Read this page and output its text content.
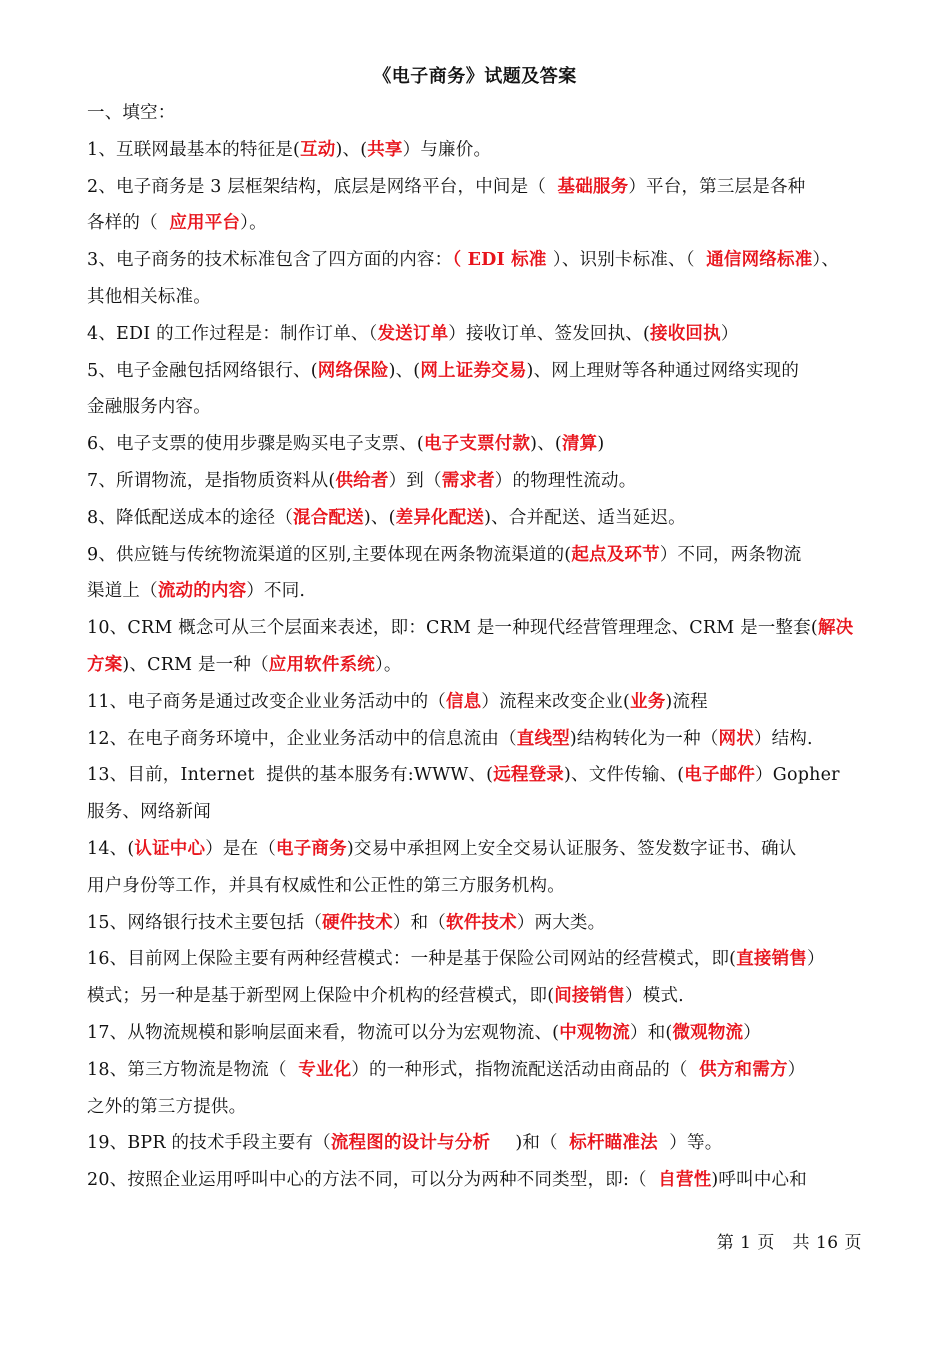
《电子商务》试题及答案
一、填空：
1、互联网最基本的特征是(互动)、(共享）与廉价。
2、电子商务是 3 层框架结构，底层是网络平台，中间是（  基础服务）平台，第三层是各种
各样的（  应用平台）。
3、电子商务的技术标准包含了四方面的内容：（ EDI 标准 ）、识别卡标准、（  通信网络标准）、
其他相关标准。
4、EDI 的工作过程是：制作订单、（发送订单）接收订单、签发回执、(接收回执）
5、电子金融包括网络银行、(网络保险)、(网上证券交易)、网上理财等各种通过网络实现的
金融服务内容。
6、电子支票的使用步骤是购买电子支票、(电子支票付款)、(清算)
7、所谓物流，是指物质资料从(供给者）到（需求者）的物理性流动。
8、降低配送成本的途径（混合配送)、(差异化配送)、合并配送、适当延迟。
9、供应链与传统物流渠道的区别,主要体现在两条物流渠道的(起点及环节）不同，两条物流
渠道上（流动的内容）不同.
10、CRM 概念可从三个层面来表述，即：CRM 是一种现代经营管理理念、CRM 是一整套(解决
方案)、CRM 是一种（应用软件系统）。
11、电子商务是通过改变企业业务活动中的（信息）流程来改变企业(业务)流程
12、在电子商务环境中，企业业务活动中的信息流由（直线型)结构转化为一种（网状）结构.
13、目前，Internet  提供的基本服务有:WWW、(远程登录)、文件传输、(电子邮件）Gopher
服务、网络新闻
14、(认证中心）是在（电子商务)交易中承担网上安全交易认证服务、签发数字证书、确认
用户身份等工作，并具有权威性和公正性的第三方服务机构。
15、网络银行技术主要包括（硬件技术）和（软件技术）两大类。
16、目前网上保险主要有两种经营模式：一种是基于保险公司网站的经营模式，即(直接销售）
模式；另一种是基于新型网上保险中介机构的经营模式，即(间接销售）模式.
17、从物流规模和影响层面来看，物流可以分为宏观物流、(中观物流）和(微观物流）
18、第三方物流是物流（  专业化）的一种形式，指物流配送活动由商品的（  供方和需方）
之外的第三方提供。
19、BPR 的技术手段主要有（流程图的设计与分析    )和（  标杆瞄准法  ）等。
20、按照企业运用呼叫中心的方法不同，可以分为两种不同类型，即:（  自营性)呼叫中心和
第 1 页   共 16 页
